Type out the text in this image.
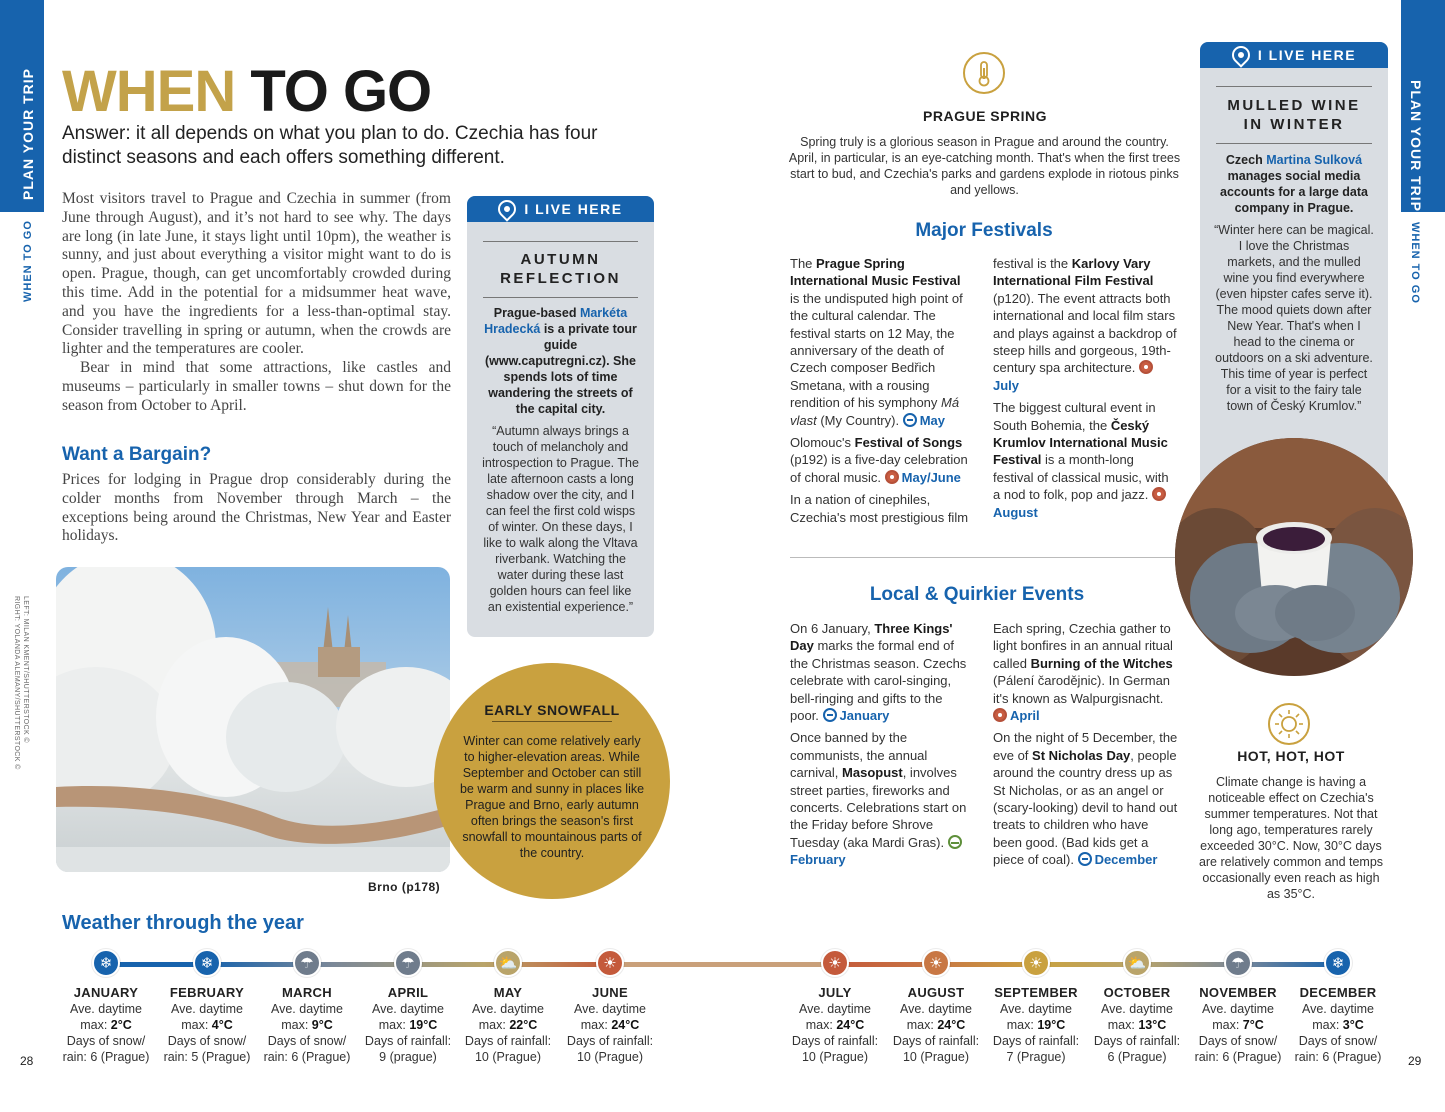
PLAN YOUR TRIP
WHEN TO GO
PLAN YOUR TRIP
WHEN TO GO
28	29
WHEN TO GO
Answer: it all depends on what you plan to do. Czechia has four distinct seasons and each offers something different.

Most visitors travel to Prague and Czechia in summer (from June through August), and it’s not hard to see why. The days are long (in late June, it stays light until 10pm), the weather is sunny, and just about everything a visitor might want to do is open. Prague, though, can get uncomfortably crowded during this time. Add in the potential for a midsummer heat wave, and you have the ingredients for a less-than-optimal stay. Consider travelling in spring or autumn, when the crowds are lighter and the temperatures are cooler.

Bear in mind that some attractions, like castles and museums – particularly in smaller towns – shut down for the season from October to April.

Want a Bargain?
Prices for lodging in Prague drop considerably during the colder months from November through March – the exceptions being around the Christmas, New Year and Easter holidays.
I LIVE HERE
AUTUMN
REFLECTION
Prague-based Markéta Hradecká is a private tour guide (www.caputregni.cz). She spends lots of time wandering the streets of the capital city.
“Autumn always brings a touch of melancholy and introspection to Prague. The late afternoon casts a long shadow over the city, and I can feel the first cold wisps of winter. On these days, I like to walk along the Vltava riverbank. Watching the water during these last golden hours can feel like an existential experience.”
LEFT: MILAN KMENT/SHUTTERSTOCK ©
RIGHT: YOLANDA ALEMANY/SHUTTERSTOCK ©
Brno (p178)
EARLY SNOWFALL
Winter can come relatively early to higher-elevation areas. While September and October can still be warm and sunny in places like Prague and Brno, early autumn often brings the season's first snowfall to mountainous parts of the country.
PRAGUE SPRING
Spring truly is a glorious season in Prague and around the country. April, in particular, is an eye-catching month. That's when the first trees start to bud, and Czechia's parks and gardens explode in riotous pinks and yellows.
Major Festivals

The Prague Spring International Music Festival is the undisputed high point of the cultural calendar. The festival starts on 12 May, the anniversary of the death of Czech composer Bedřich Smetana, with a rousing rendition of his symphony Má vlast (My Country). May

Olomouc's Festival of Songs (p192) is a five-day celebration of choral music. May/June

In a nation of cinephiles, Czechia's most prestigious film

festival is the Karlovy Vary International Film Festival (p120). The event attracts both international and local film stars and plays against a backdrop of steep hills and gorgeous, 19th-century spa architecture. July

The biggest cultural event in South Bohemia, the Český Krumlov International Music Festival is a month-long festival of classical music, with a nod to folk, pop and jazz. August

Local & Quirkier Events

On 6 January, Three Kings' Day marks the formal end of the Christmas season. Czechs celebrate with carol-singing, bell-ringing and gifts to the poor. January

Once banned by the communists, the annual carnival, Masopust, involves street parties, fireworks and concerts. Celebrations start on the Friday before Shrove Tuesday (aka Mardi Gras). February

Each spring, Czechia gather to light bonfires in an annual ritual called Burning of the Witches (Pálení čarodějnic). In German it's known as Walpurgisnacht. April

On the night of 5 December, the eve of St Nicholas Day, people around the country dress up as St Nicholas, or as an angel or (scary-looking) devil to hand out treats to children who have been good. (Bad kids get a piece of coal). December

I LIVE HERE
MULLED WINE
IN WINTER
Czech Martina Sulková manages social media accounts for a large data company in Prague.
“Winter here can be magical. I love the Christmas markets, and the mulled wine you find everywhere (even hipster cafes serve it). The mood quiets down after New Year. That's when I head to the cinema or outdoors on a ski adventure. This time of year is perfect for a visit to the fairy tale town of Český Krumlov.”
HOT, HOT, HOT
Climate change is having a noticeable effect on Czechia's summer temperatures. Not that long ago, temperatures rarely exceeded 30°C. Now, 30°C days are relatively common and temps occasionally even reach as high as 35°C.
Weather through the year
❄
JANUARY
Ave. daytime
max: 2°C
Days of snow/
rain: 6 (Prague)
❄
FEBRUARY
Ave. daytime
max: 4°C
Days of snow/
rain: 5 (Prague)
☂
MARCH
Ave. daytime
max: 9°C
Days of snow/
rain: 6 (Prague)
☂
APRIL
Ave. daytime
max: 19°C
Days of rainfall:
9 (prague)
⛅
MAY
Ave. daytime
max: 22°C
Days of rainfall:
10 (Prague)
☀
JUNE
Ave. daytime
max: 24°C
Days of rainfall:
10 (Prague)
☀
JULY
Ave. daytime
max: 24°C
Days of rainfall:
10 (Prague)
☀
AUGUST
Ave. daytime
max: 24°C
Days of rainfall:
10 (Prague)
☀
SEPTEMBER
Ave. daytime
max: 19°C
Days of rainfall:
7 (Prague)
⛅
OCTOBER
Ave. daytime
max: 13°C
Days of rainfall:
6 (Prague)
☂
NOVEMBER
Ave. daytime
max: 7°C
Days of snow/
rain: 6 (Prague)
❄
DECEMBER
Ave. daytime
max: 3°C
Days of snow/
rain: 6 (Prague)
